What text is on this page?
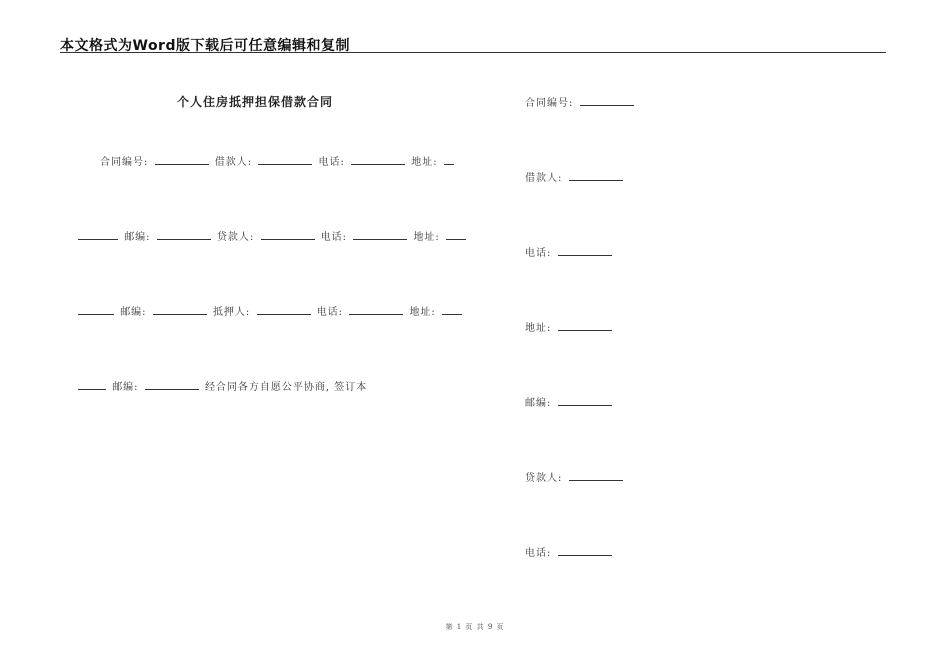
本文格式为Word版下载后可任意编辑和复制
个人住房抵押担保借款合同
合同编号:	借款人:	电话:	地址:
邮编:	贷款人:	电话:	地址:
邮编:	抵押人:	电话:	地址:
邮编:	经合同各方自愿公平协商, 签订本
合同编号:
借款人:
电话:
地址:
邮编:
贷款人:
电话:
第 1 页 共 9 页
